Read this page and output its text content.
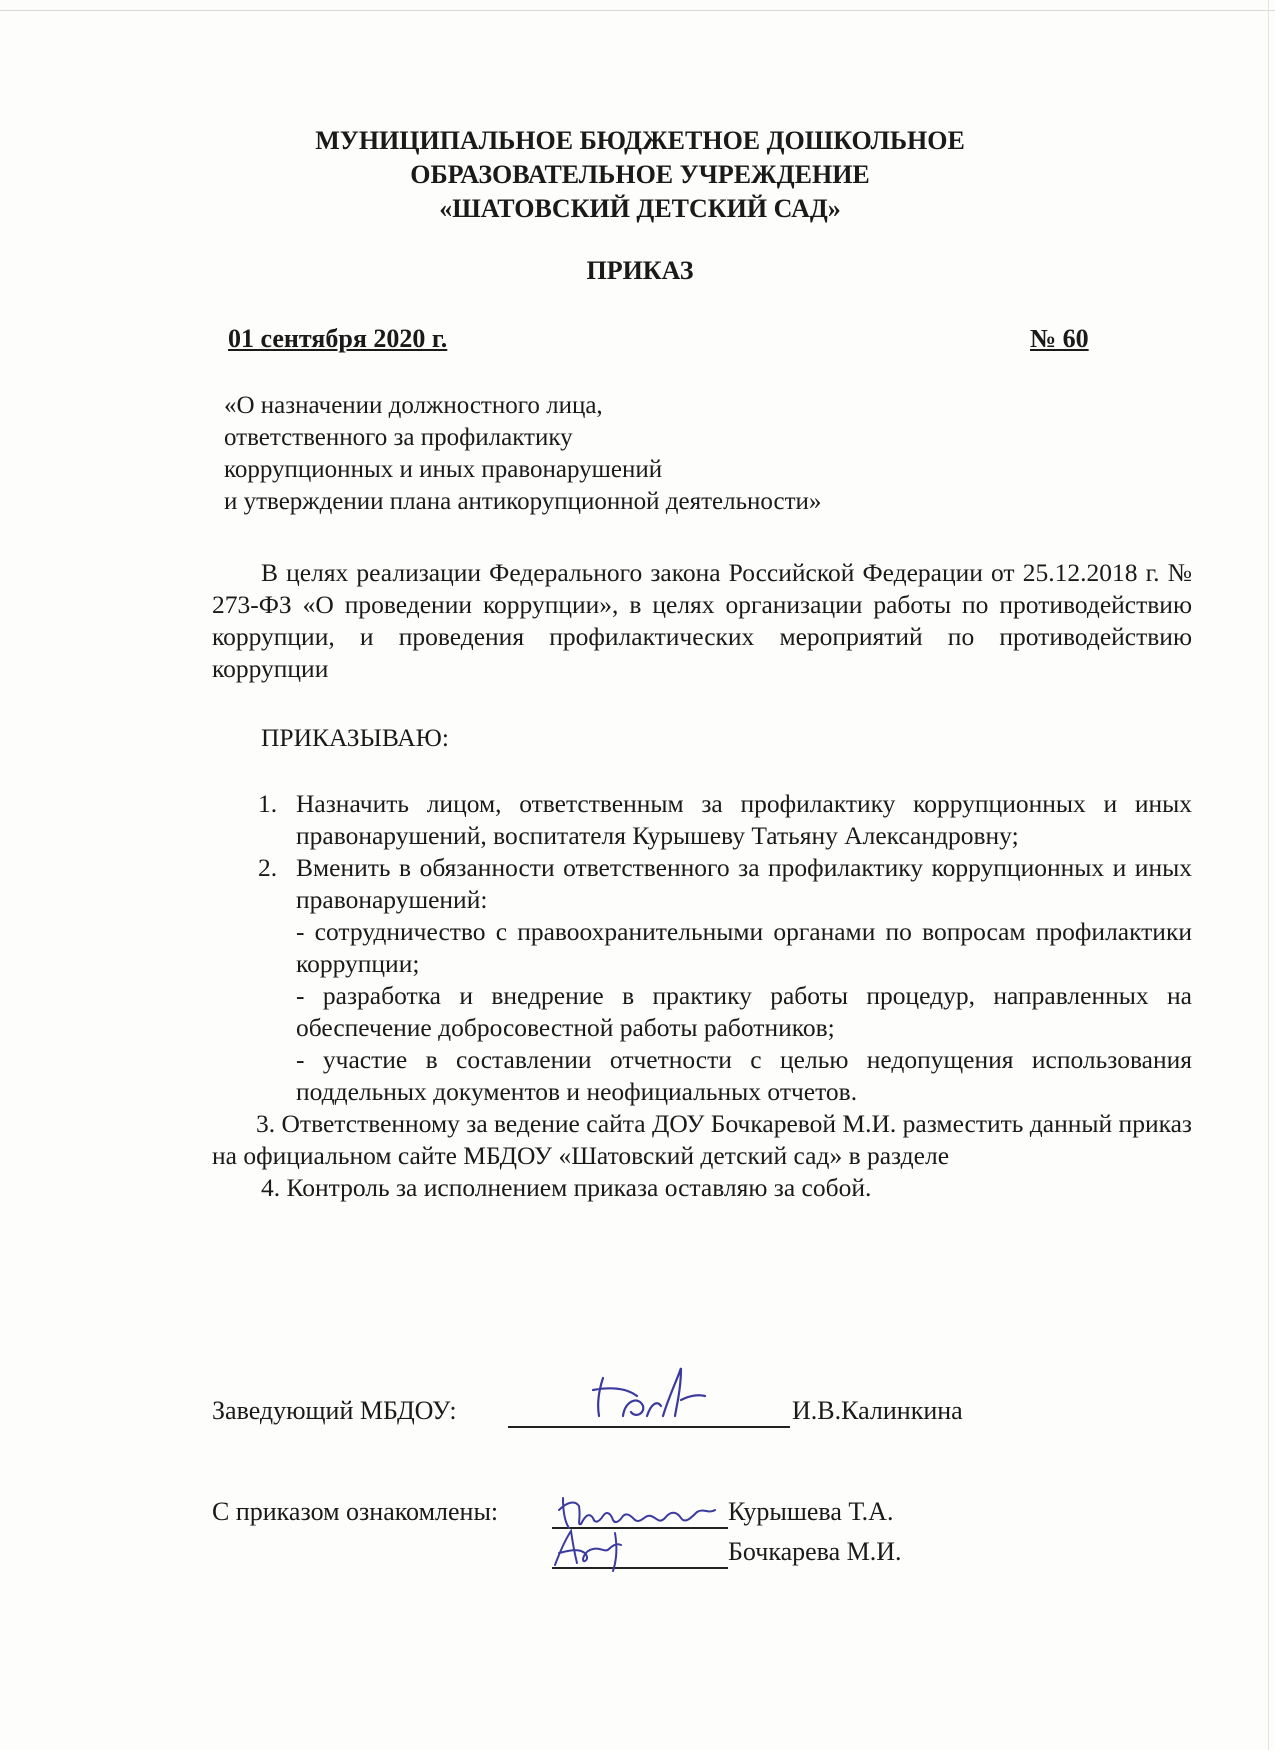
МУНИЦИПАЛЬНОЕ БЮДЖЕТНОЕ ДОШКОЛЬНОЕ
ОБРАЗОВАТЕЛЬНОЕ УЧРЕЖДЕНИЕ
«ШАТОВСКИЙ ДЕТСКИЙ САД»
ПРИКАЗ
01 сентября 2020 г.	№ 60
«О назначении должностного лица,
ответственного за профилактику
коррупционных и иных правонарушений
и утверждении плана антикорупционной деятельности»
В целях реализации Федерального закона Российской Федерации от 25.12.2018 г. № 273-ФЗ «О проведении коррупции», в целях организации работы по противодействию коррупции, и проведения профилактических мероприятий по противодействию коррупции
ПРИКАЗЫВАЮ:
1. Назначить лицом, ответственным за профилактику коррупционных и иных правонарушений, воспитателя Курышеву Татьяну Александровну;
2. Вменить в обязанности ответственного за профилактику коррупционных и иных правонарушений:
- сотрудничество с правоохранительными органами по вопросам профилактики коррупции;
- разработка и внедрение в практику работы процедур, направленных на обеспечение добросовестной работы работников;
- участие в составлении отчетности с целью недопущения использования поддельных документов и неофициальных отчетов.
3. Ответственному за ведение сайта ДОУ Бочкаревой М.И. разместить данный приказ на официальном сайте МБДОУ «Шатовский детский сад» в разделе
4. Контроль за исполнением приказа оставляю за собой.
Заведующий МБДОУ:	И.В.Калинкина
С приказом ознакомлены:	Курышева Т.А.
Бочкарева М.И.
